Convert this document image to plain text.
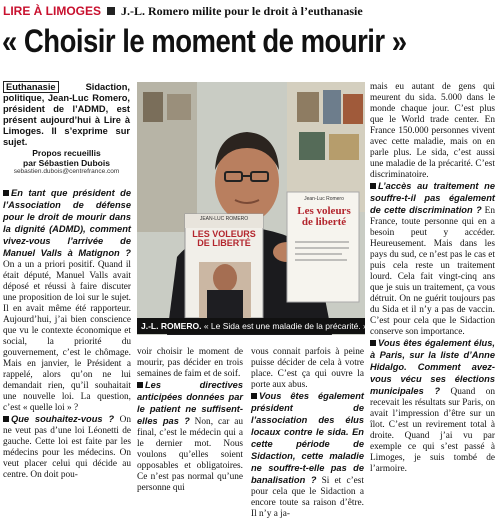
LIRE À LIMOGES J.-L. Romero milite pour le droit à l’euthanasie
« Choisir le moment de mourir »
Euthanasie Sidaction, politique, Jean-Luc Romero, président de l’ADMD, est présent aujourd’hui à Lire à Limoges. Il s’exprime sur sujet.
Propos recueillis
par Sébastien Dubois
sebastien.dubois@centrefrance.com

En tant que président de l’Association de défense pour le droit de mourir dans la dignité (ADMD), comment vivez-vous l’arrivée de Manuel Valls à Matignon ? On a un a priori positif. Quand il était député, Manuel Valls avait déposé et réussi à faire discuter une proposition de loi sur le sujet. Il en avait même été rapporteur. Aujourd’hui, j’ai bien conscience que vu le contexte économique et social, la priorité du gouvernement, c’est le chômage. Mais en janvier, le Président a rappelé, alors qu’on ne lui demandait rien, qu’il souhaitait une nouvelle loi. La question, c’est « quelle loi » ?

Que souhaitez-vous ? On ne veut pas d’une loi Léonetti de gauche. Cette loi est faite par les médecins pour les médecins. On veut placer celui qui décide au centre. On doit pou-

JEAN-LUC ROMERO
LES VOLEURS DE LIBERTÉ
Jean-Luc Romero
Les voleurs de liberté
J.-L. ROMERO. « Le Sida est une maladie de la précarité. »

voir choisir le moment de mourir, pas décider en trois semaines de faim et de soif.

Les directives anticipées données par le patient ne suffisent-elles pas ? Non, car au final, c’est le médecin qui a le dernier mot. Nous voulons qu’elles soient opposables et obligatoires. Ce n’est pas normal qu’une personne qui

vous connait parfois à peine puisse décider de cela à votre place. C’est ça qui ouvre la porte aux abus.

Vous êtes également président de l’association des élus locaux contre le sida. En cette période de Sidaction, cette maladie ne souffre-t-elle pas de banalisation ? Si et c’est pour cela que le Sidaction a encore toute sa raison d’être. Il n’y a ja-

mais eu autant de gens qui meurent du sida. 5.000 dans le monde chaque jour. C’est plus que le World trade center. En France 150.000 personnes vivent avec cette maladie, mais on en parle plus. Le sida, c’est aussi une maladie de la précarité. C’est discriminatoire.

L’accès au traitement ne souffre-t-il pas également de cette discrimination ? En France, toute personne qui en a besoin peut y accéder. Heureusement. Mais dans les pays du sud, ce n’est pas le cas et puis cela reste un traitement lourd. Cela fait vingt-cinq ans que je suis un traitement, ça vous détruit. On ne guérit toujours pas du Sida et il n’y a pas de vaccin. C’est pour cela que le Sidaction conserve son importance.

Vous êtes également élus, à Paris, sur la liste d’Anne Hidalgo. Comment avez-vous vécu ses élections municipales ? Quand on recevait les résultats sur Paris, on avait l’impression d’être sur un îlot. C’est un revirement total à droite. Quand j’ai vu par exemple ce qui s’est passé à Limoges, je suis tombé de l’armoire.
